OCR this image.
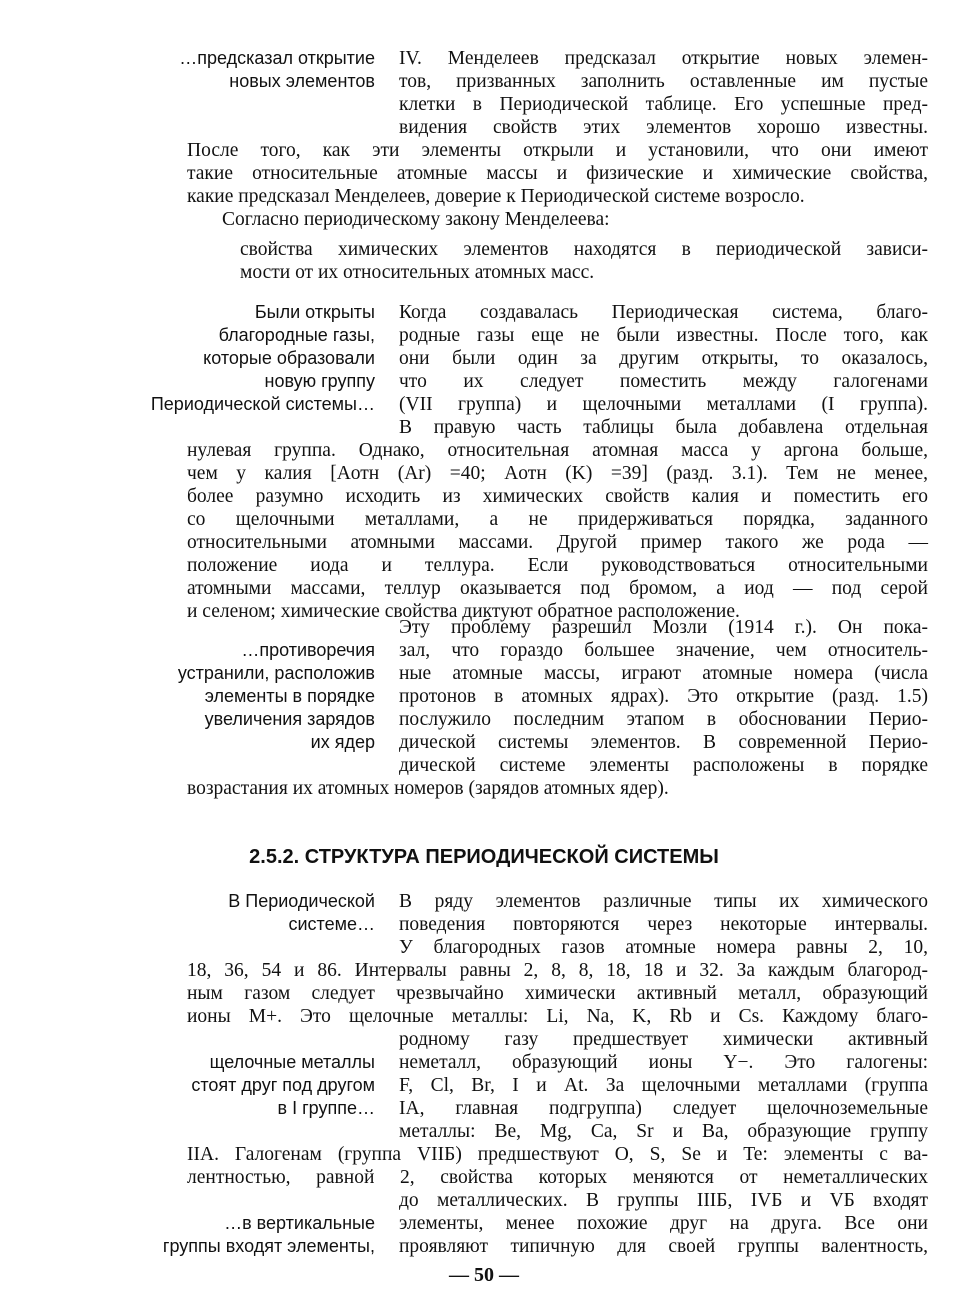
IV. Менделеев предсказал открытие новых элемен-
тов, призванных заполнить оставленные им пустые
клетки в Периодической таблице. Его успешные пред-
видения свойств этих элементов хорошо известны.
После того, как эти элементы открыли и установили, что они имеют
такие относительные атомные массы и физические и химические свойства,
какие предсказал Менделеев, доверие к Периодической системе возросло.
Согласно периодическому закону Менделеева:
свойства химических элементов находятся в периодической зависи-
мости от их относительных атомных масс.
Когда создавалась Периодическая система, благо-
родные газы еще не были известны. После того, как
они были один за другим открыты, то оказалось,
что их следует поместить между галогенами
(VII группа) и щелочными металлами (I группа).
В правую часть таблицы была добавлена отдельная
нулевая группа. Однако, относительная атомная масса у аргона больше,
чем у калия [Aотн (Ar) =40; Aотн (K) =39] (разд. 3.1). Тем не менее,
более разумно исходить из химических свойств калия и поместить его
со щелочными металлами, а не придерживаться порядка, заданного
относительными атомными массами. Другой пример такого же рода —
положение иода и теллура. Если руководствоваться относительными
атомными массами, теллур оказывается под бромом, а иод — под серой
и селеном; химические свойства диктуют обратное расположение.
Эту проблему разрешил Мозли (1914 г.). Он пока-
зал, что гораздо большее значение, чем относитель-
ные атомные массы, играют атомные номера (числа
протонов в атомных ядрах). Это открытие (разд. 1.5)
послужило последним этапом в обосновании Перио-
дической системы элементов. В современной Перио-
дической системе элементы расположены в порядке
возрастания их атомных номеров (зарядов атомных ядер).
В ряду элементов различные типы их химического
поведения повторяются через некоторые интервалы.
У благородных газов атомные номера равны 2, 10,
18, 36, 54 и 86. Интервалы равны 2, 8, 8, 18, 18 и 32. За каждым благород-
ным газом следует чрезвычайно химически активный металл, образующий
ионы M+. Это щелочные металлы: Li, Na, K, Rb и Cs. Каждому благо-
родному газу предшествует химически активный
неметалл, образующий ионы Y−. Это галогены:
F, Cl, Br, I и At. За щелочными металлами (группа
IA, главная подгруппа) следует щелочноземельные
металлы: Be, Mg, Ca, Sr и Ba, образующие группу
IIA. Галогенам (группа VIIБ) предшествуют O, S, Se и Te: элементы с ва-
лентностью, равной 2, свойства которых меняются от неметаллических
до металлических. В группы IIIБ, IVБ и VБ входят
элементы, менее похожие друг на друга. Все они
проявляют типичную для своей группы валентность,
…предсказал открытие
новых элементов
Были открыты
благородные газы,
которые образовали
новую группу
Периодической системы…
…противоречия
устранили, расположив
элементы в порядке
увеличения зарядов
их ядер
В Периодической
системе…
щелочные металлы
стоят друг под другом
в I группе…
…в вертикальные
группы входят элементы,
2.5.2. СТРУКТУРА ПЕРИОДИЧЕСКОЙ СИСТЕМЫ
— 50 —
